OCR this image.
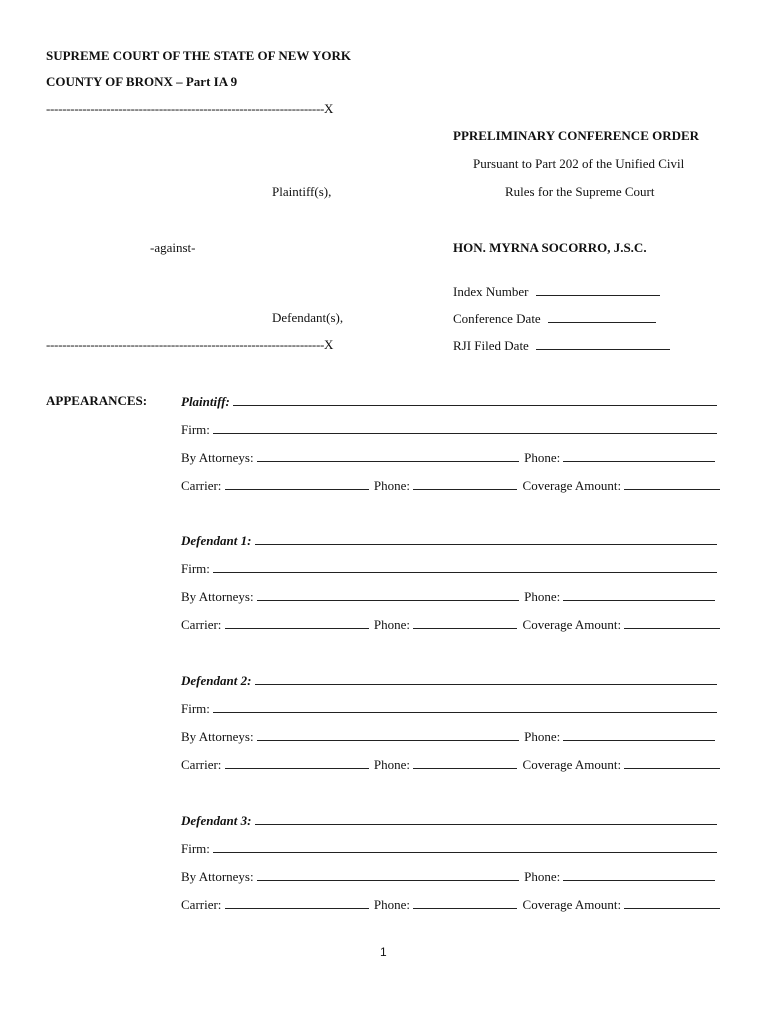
SUPREME COURT OF THE STATE OF NEW YORK
COUNTY OF BRONX – Part IA 9
---------------------------------------------------------------------X
PPRELIMINARY CONFERENCE ORDER
Pursuant to Part 202 of the Unified Civil
Rules for the Supreme Court
Plaintiff(s),
-against-	HON. MYRNA SOCORRO, J.S.C.
Index Number
Defendant(s),	Conference Date
---------------------------------------------------------------------X	RJI Filed Date
APPEARANCES:	Plaintiff:
Firm:
By Attorneys:	Phone:
Carrier:	Phone:	Coverage Amount:
Defendant 1:
Firm:
By Attorneys:	Phone:
Carrier:	Phone:	Coverage Amount:
Defendant 2:
Firm:
By Attorneys:	Phone:
Carrier:	Phone:	Coverage Amount:
Defendant 3:
Firm:
By Attorneys:	Phone:
Carrier:	Phone:	Coverage Amount:
1
